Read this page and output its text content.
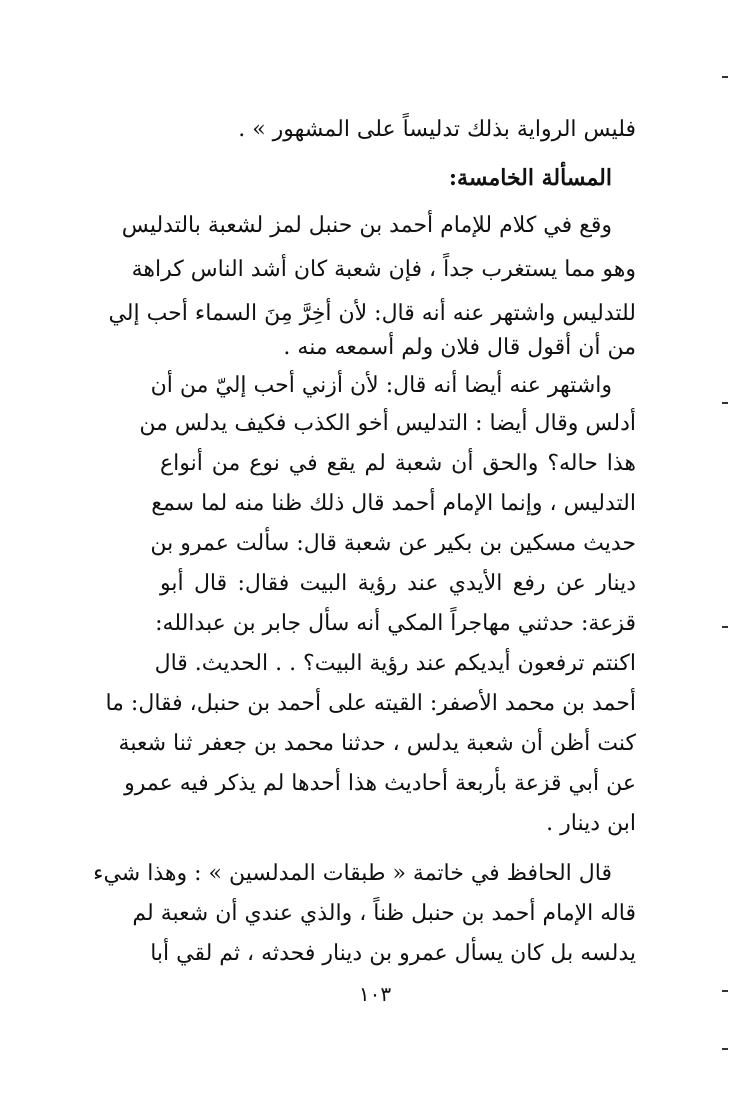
فليس الرواية بذلك تدليساً على المشهور » .
المسألة الخامسة:
وقع في كلام للإمام أحمد بن حنبل لمز لشعبة بالتدليس
وهو مما يستغرب جداً ، فإن شعبة كان أشد الناس كراهة
للتدليس واشتهر عنه أنه قال: لأن أخِرَّ مِنَ السماء أحب إلي
من أن أقول قال فلان ولم أسمعه منه .
واشتهر عنه أيضا أنه قال: لأن أزني أحب إليّ من أن
أدلس وقال أيضا : التدليس أخو الكذب فكيف يدلس من
هذا حاله؟ والحق أن شعبة لم يقع في نوع من أنواع
التدليس ، وإنما الإمام أحمد قال ذلك ظنا منه لما سمع
حديث مسكين بن بكير عن شعبة قال: سألت عمرو بن
دينار عن رفع الأيدي عند رؤية البيت فقال: قال أبو
قزعة: حدثني مهاجراً المكي أنه سأل جابر بن عبدالله:
اكنتم ترفعون أيديكم عند رؤية البيت؟ . . الحديث. قال
أحمد بن محمد الأصفر: القيته على أحمد بن حنبل، فقال: ما
كنت أظن أن شعبة يدلس ، حدثنا محمد بن جعفر ثنا شعبة
عن أبي قزعة بأربعة أحاديث هذا أحدها لم يذكر فيه عمرو
ابن دينار .
قال الحافظ في خاتمة « طبقات المدلسين » : وهذا شيء
قاله الإمام أحمد بن حنبل ظناً ، والذي عندي أن شعبة لم
يدلسه بل كان يسأل عمرو بن دينار فحدثه ، ثم لقي أبا
١٠٣
